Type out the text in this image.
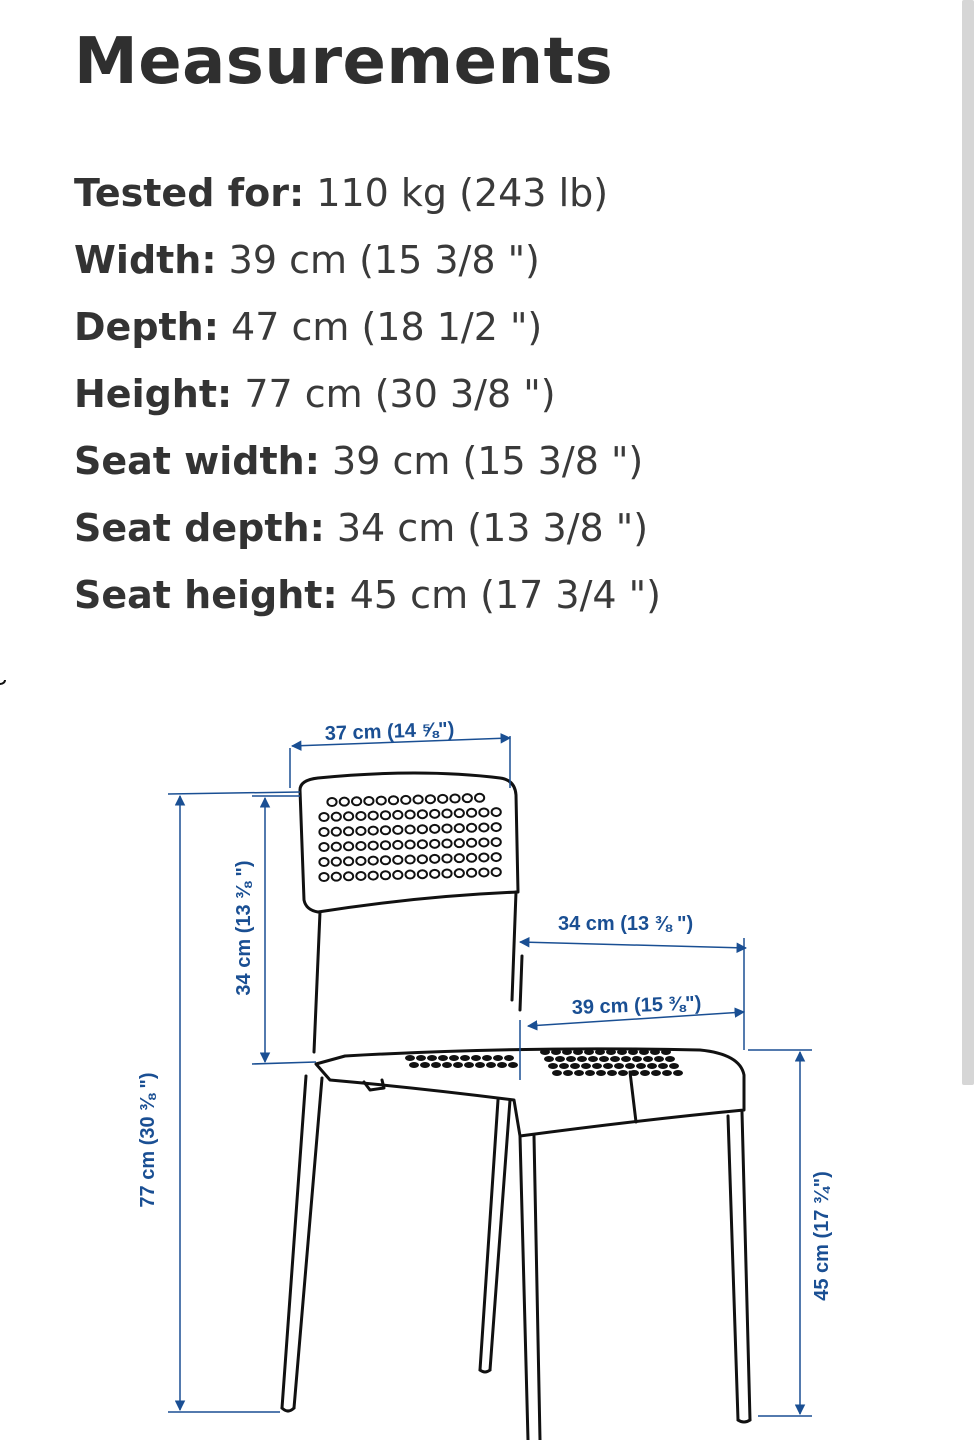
Measurements
Tested for: 110 kg (243 lb)
Width: 39 cm (15 3/8 ")
Depth: 47 cm (18 1/2 ")
Height: 77 cm (30 3/8 ")
Seat width: 39 cm (15 3/8 ")
Seat depth: 34 cm (13 3/8 ")
Seat height: 45 cm (17 3/4 ")
37 cm (14 ⅝")
77 cm (30 ⅜ ")
34 cm (13 ⅜ ")	34 cm (13 ⅜ ")
39 cm (15 ⅜")
45 cm (17 ¾")
